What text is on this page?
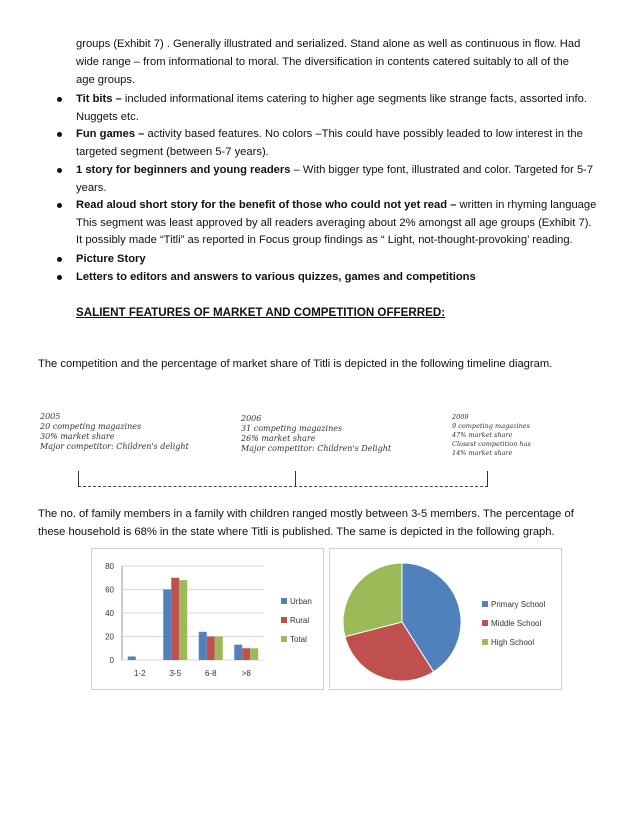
groups (Exhibit 7) . Generally illustrated and serialized. Stand alone as well as continuous in flow. Had
wide range – from informational to moral. The diversification in contents catered suitably to all of the
age groups.
Tit bits – included informational items catering to higher age segments like strange facts, assorted info.
Nuggets etc.
Fun games – activity based features. No colors –This could have possibly leaded to low interest in the
targeted segment (between 5-7 years).
1 story for beginners and young readers – With bigger type font, illustrated and color. Targeted for 5-7
years.
Read aloud short story for the benefit of those who could not yet read – written in rhyming language
This segment was least approved by all readers averaging about 2% amongst all age groups (Exhibit 7).
It possibly made “Titli” as reported in Focus group findings as “ Light, not-thought-provoking’ reading.
Picture Story
Letters to editors and answers to various quizzes, games and competitions
SALIENT FEATURES OF MARKET AND COMPETITION OFFERRED:
The competition and the percentage of market share of Titli is depicted in the following timeline diagram.
2005
20 competing magazines
30% market share
Major competitor: Children's delight
2006
31 competing magazines
26% market share
Major competitor: Children's Delight
2009
9 competing magazines
47% market share
Closest competition has
14% market share
The no. of family members in a family with children ranged mostly between 3-5 members. The percentage of
these household is 68% in the state where Titli is published. The same is depicted in the following graph.
0
20
40
60
80
1-2	3-5	6-8	>8
Urban
Rural
Total
Primary School
Middle School
High School
